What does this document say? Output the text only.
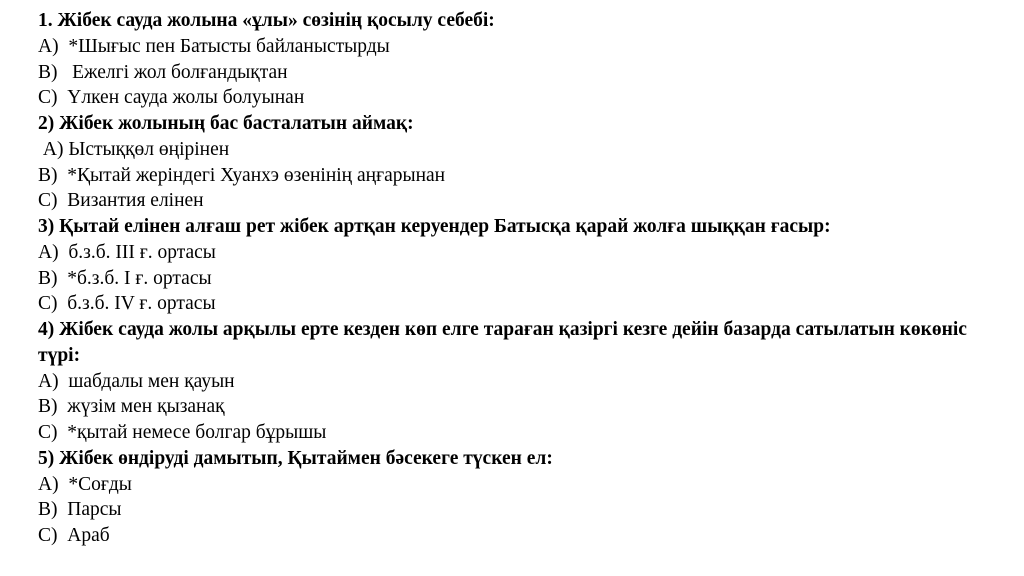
1. Жібек сауда жолына «ұлы» сөзінің қосылу себебі:
А)  *Шығыс пен Батысты байланыстырды
В)   Ежелгі жол болғандықтан
С)  Үлкен сауда жолы болуынан
2) Жібек жолының бас басталатын аймақ:
А) Ыстыққөл өңірінен
В)  *Қытай жеріндегі Хуанхэ өзенінің аңғарынан
С)  Византия елінен
3) Қытай елінен алғаш рет жібек артқан керуендер Батысқа қарай жолға шыққан ғасыр:
А)  б.з.б. ІІІ ғ. ортасы
В)  *б.з.б. І ғ. ортасы
С)  б.з.б. ІV ғ. ортасы
4) Жібек сауда жолы арқылы ерте кезден көп елге тараған қазіргі кезге дейін базарда сатылатын көкөніс түрі:
А)  шабдалы мен қауын
В)  жүзім мен қызанақ
С)  *қытай немесе болгар бұрышы
5) Жібек өндіруді дамытып, Қытаймен бәсекеге түскен ел:
А)  *Соғды
В)  Парсы
С)  Араб
